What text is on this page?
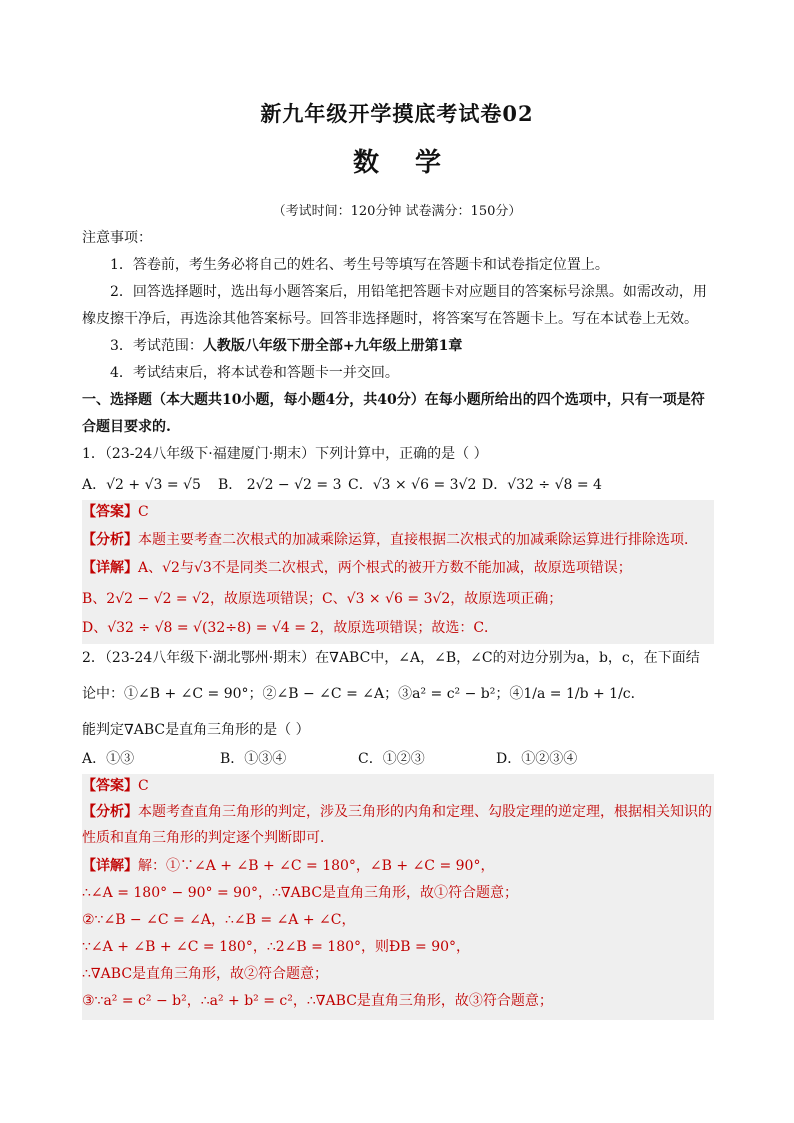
新九年级开学摸底考试卷02
数学
（考试时间：120分钟 试卷满分：150分）
注意事项：
1．答卷前，考生务必将自己的姓名、考生号等填写在答题卡和试卷指定位置上。
2．回答选择题时，选出每小题答案后，用铅笔把答题卡对应题目的答案标号涂黑。如需改动，用
橡皮擦干净后，再选涂其他答案标号。回答非选择题时，将答案写在答题卡上。写在本试卷上无效。
3．考试范围：人教版八年级下册全部+九年级上册第1章
4．考试结束后，将本试卷和答题卡一并交回。
一、选择题（本大题共10小题，每小题4分，共40分）在每小题所给出的四个选项中，只有一项是符
合题目要求的.
1．（23-24八年级下·福建厦门·期末）下列计算中，正确的是（ ）
A．√2 + √3 = √5 B． 2√2 − √2 = 3 C．√3 × √6 = 3√2 D．√32 ÷ √8 = 4
【答案】C
【分析】本题主要考查二次根式的加减乘除运算，直接根据二次根式的加减乘除运算进行排除选项．
【详解】A、√2与√3不是同类二次根式，两个根式的被开方数不能加减，故原选项错误；
B、2√2 − √2 = √2，故原选项错误；C、√3 × √6 = 3√2，故原选项正确；
D、√32 ÷ √8 = √(32÷8) = √4 = 2，故原选项错误；故选：C．
2．（23-24八年级下·湖北鄂州·期末）在∇ABC中，∠A，∠B，∠C的对边分别为a，b，c，在下面结
论中：①∠B + ∠C = 90°；②∠B − ∠C = ∠A；③a² = c² − b²；④1/a = 1/b + 1/c．
能判定∇ABC是直角三角形的是（ ）
A．①③	B．①③④	C．①②③	D．①②③④
【答案】C
【分析】本题考查直角三角形的判定，涉及三角形的内角和定理、勾股定理的逆定理，根据相关知识的
性质和直角三角形的判定逐个判断即可．
【详解】解：①∵∠A + ∠B + ∠C = 180°，∠B + ∠C = 90°，
∴∠A = 180° − 90° = 90°，∴∇ABC是直角三角形，故①符合题意；
②∵∠B − ∠C = ∠A，∴∠B = ∠A + ∠C，
∵∠A + ∠B + ∠C = 180°，∴2∠B = 180°，则ÐB = 90°，
∴∇ABC是直角三角形，故②符合题意；
③∵a² = c² − b²，∴a² + b² = c²，∴∇ABC是直角三角形，故③符合题意；
